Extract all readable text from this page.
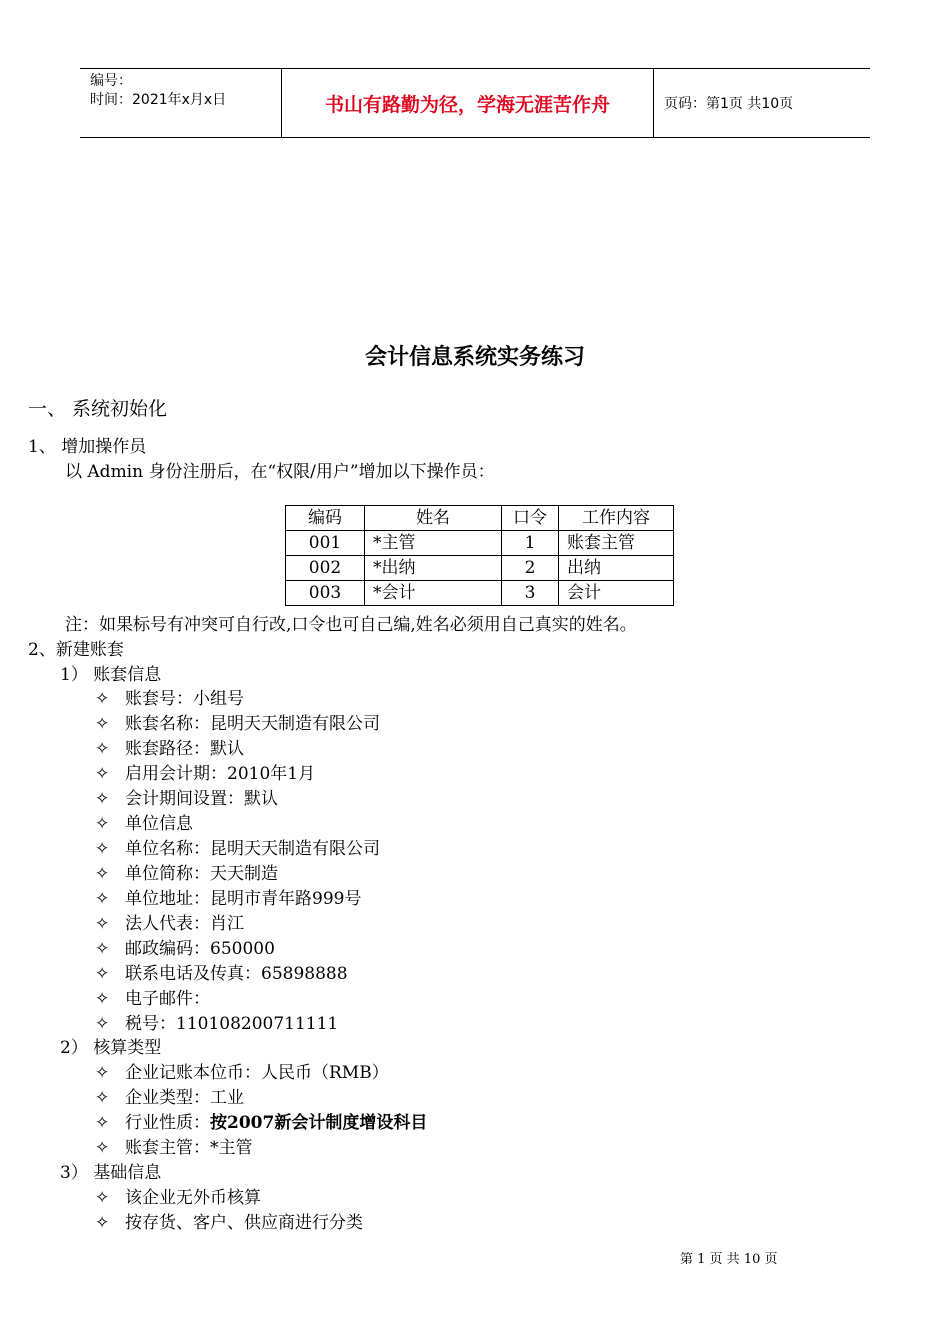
编号：
时间：2021年x月x日	书山有路勤为径，学海无涯苦作舟	页码：第1页 共10页
会计信息系统实务练习
一、 系统初始化
1、 增加操作员
以 Admin 身份注册后，在“权限/用户”增加以下操作员：
编码	姓名	口令	工作内容
001	*主管	1	账套主管
002	*出纳	2	出纳
003	*会计	3	会计
注：如果标号有冲突可自行改,口令也可自己编,姓名必须用自己真实的姓名。
2、新建账套
1） 账套信息
✧ 账套号：小组号
✧ 账套名称：昆明天天制造有限公司
✧ 账套路径：默认
✧ 启用会计期：2010年1月
✧ 会计期间设置：默认
✧ 单位信息
✧ 单位名称：昆明天天制造有限公司
✧ 单位简称：天天制造
✧ 单位地址：昆明市青年路999号
✧ 法人代表：肖江
✧ 邮政编码：650000
✧ 联系电话及传真：65898888
✧ 电子邮件：
✧ 税号：110108200711111
2） 核算类型
✧ 企业记账本位币：人民币（RMB）
✧ 企业类型：工业
✧ 行业性质：按2007新会计制度增设科目
✧ 账套主管：*主管
3） 基础信息
✧ 该企业无外币核算
✧ 按存货、客户、供应商进行分类
第 1 页 共 10 页
